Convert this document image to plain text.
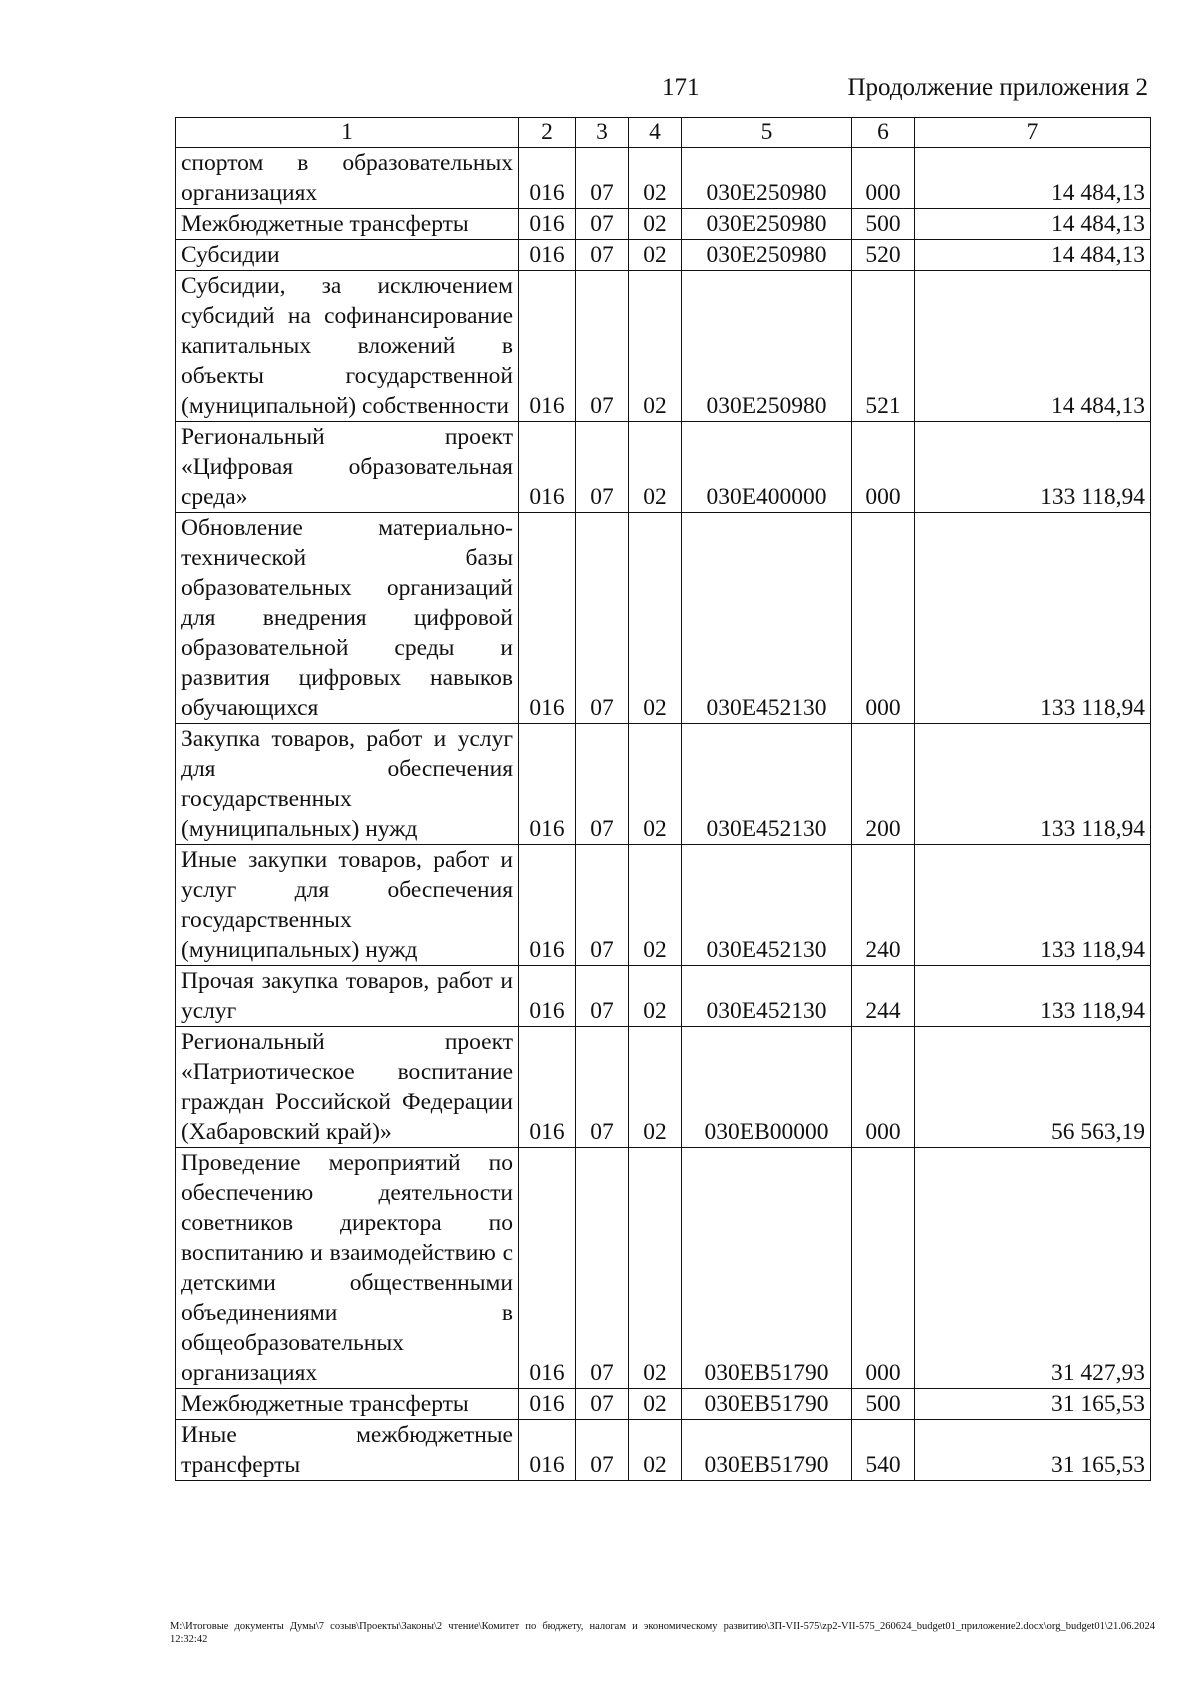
171	Продолжение приложения 2
1	2	3	4	5	6	7
спортом в образовательных организациях	016	07	02	030Е250980	000	14 484,13
Межбюджетные трансферты	016	07	02	030Е250980	500	14 484,13
Субсидии	016	07	02	030Е250980	520	14 484,13
Субсидии, за исключением субсидий на софинансирование капитальных вложений в объекты государственной (муниципальной) собственности	016	07	02	030Е250980	521	14 484,13
Региональный проект «Цифровая образовательная среда»	016	07	02	030Е400000	000	133 118,94
Обновление материально-технической базы образовательных организаций для внедрения цифровой образовательной среды и развития цифровых навыков обучающихся	016	07	02	030Е452130	000	133 118,94
Закупка товаров, работ и услуг для обеспечения государственных (муниципальных) нужд	016	07	02	030Е452130	200	133 118,94
Иные закупки товаров, работ и услуг для обеспечения государственных (муниципальных) нужд	016	07	02	030Е452130	240	133 118,94
Прочая закупка товаров, работ и услуг	016	07	02	030Е452130	244	133 118,94
Региональный проект «Патриотическое воспитание граждан Российской Федерации (Хабаровский край)»	016	07	02	030ЕВ00000	000	56 563,19
Проведение мероприятий по обеспечению деятельности советников директора по воспитанию и взаимодействию с детскими общественными объединениями в общеобразовательных организациях	016	07	02	030ЕВ51790	000	31 427,93
Межбюджетные трансферты	016	07	02	030ЕВ51790	500	31 165,53
Иные межбюджетные трансферты	016	07	02	030ЕВ51790	540	31 165,53
М:\Итоговые документы Думы\7 созыв\Проекты\Законы\2 чтение\Комитет по бюджету, налогам и экономическому развитию\ЗП-VII-575\zp2-VII-575_260624_budget01_приложение2.docx\org_budget01\21.06.2024 12:32:42
